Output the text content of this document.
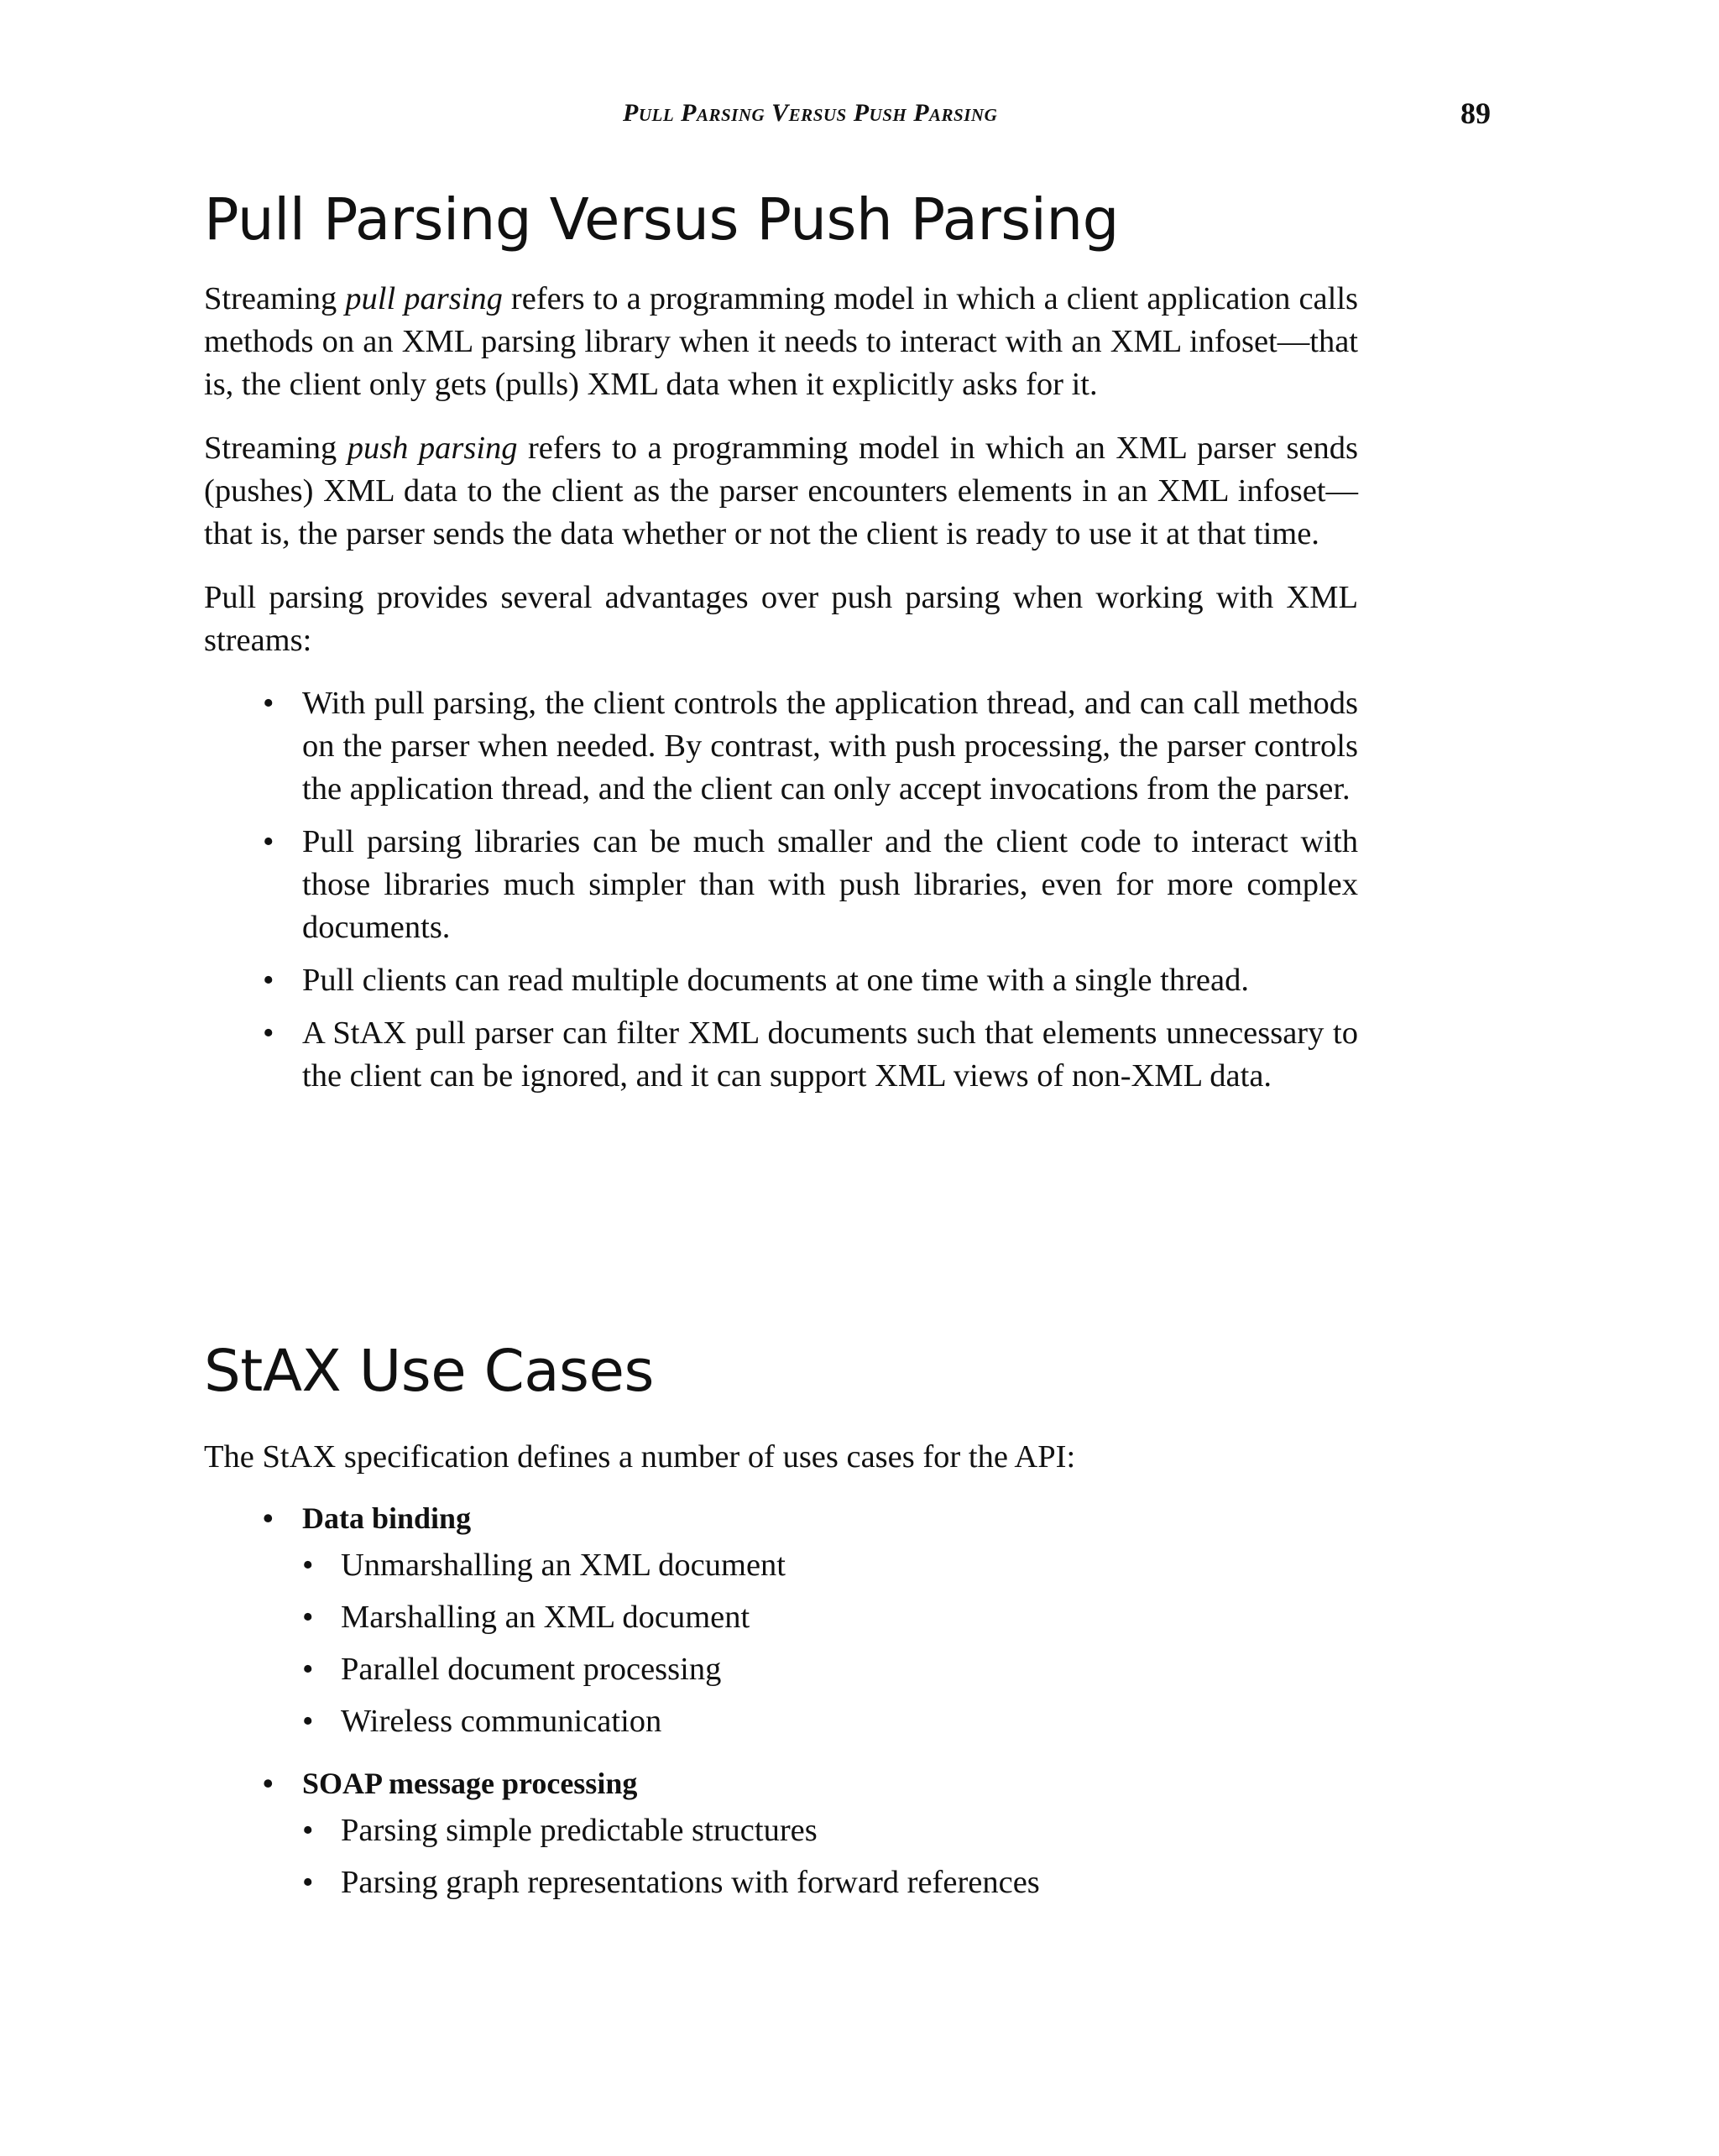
Pull Parsing Versus Push Parsing	89
Pull Parsing Versus Push Parsing

Streaming pull parsing refers to a programming model in which a client application calls methods on an XML parsing library when it needs to interact with an XML infoset—that is, the client only gets (pulls) XML data when it explicitly asks for it.

Streaming push parsing refers to a programming model in which an XML parser sends (pushes) XML data to the client as the parser encounters elements in an XML infoset—that is, the parser sends the data whether or not the client is ready to use it at that time.

Pull parsing provides several advantages over push parsing when working with XML streams:

• With pull parsing, the client controls the application thread, and can call methods on the parser when needed. By contrast, with push processing, the parser controls the application thread, and the client can only accept invocations from the parser.
• Pull parsing libraries can be much smaller and the client code to interact with those libraries much simpler than with push libraries, even for more complex documents.
• Pull clients can read multiple documents at one time with a single thread.
• A StAX pull parser can filter XML documents such that elements unnecessary to the client can be ignored, and it can support XML views of non-XML data.
StAX Use Cases

The StAX specification defines a number of uses cases for the API:

• Data binding
• Unmarshalling an XML document
• Marshalling an XML document
• Parallel document processing
• Wireless communication
• SOAP message processing
• Parsing simple predictable structures
• Parsing graph representations with forward references
